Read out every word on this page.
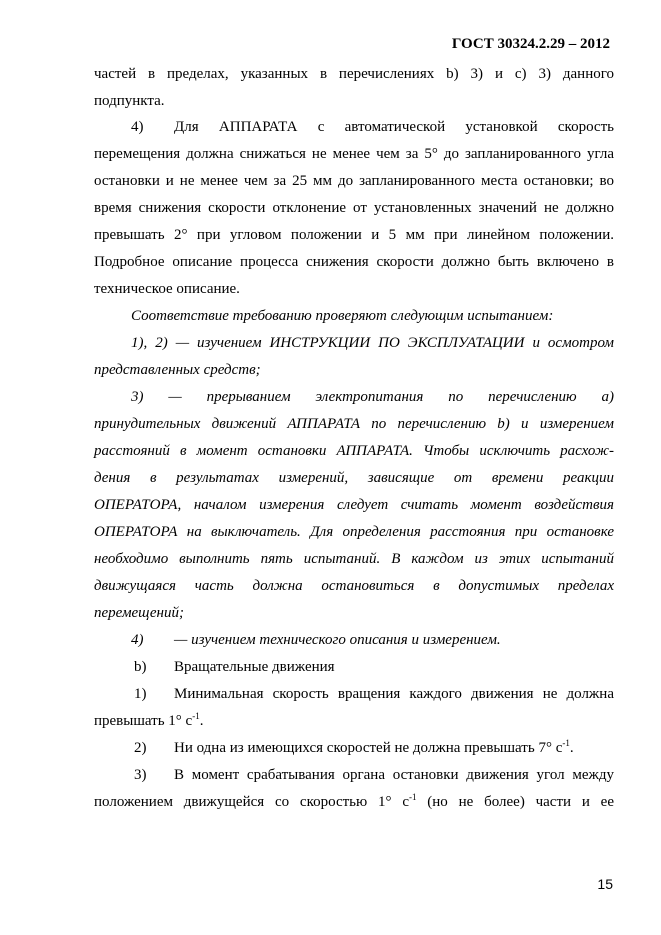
ГОСТ 30324.2.29 – 2012
частей в пределах, указанных в перечислениях b) 3) и c) 3) данного
подпункта.
4) Для АППАРАТА с автоматической установкой скорость
перемещения должна снижаться не менее чем за 5° до запланированного угла
остановки и не менее чем за 25 мм до запланированного места остановки; во
время снижения скорости отклонение от установленных значений не должно
превышать 2° при угловом положении и 5 мм при линейном положении.
Подробное описание процесса снижения скорости должно быть включено в
техническое описание.
Соответствие требованию проверяют следующим испытанием:
1), 2) — изучением ИНСТРУКЦИИ ПО ЭКСПЛУАТАЦИИ и осмотром
представленных средств;
3) — прерыванием электропитания по перечислению а)
принудительных движений АППАРАТА по перечислению b) и измерением
расстояний в момент остановки АППАРАТА. Чтобы исключить расхож-
дения в результатах измерений, зависящие от времени реакции
ОПЕРАТОРА, началом измерения следует считать момент воздействия
ОПЕРАТОРА на выключатель. Для определения расстояния при остановке
необходимо выполнить пять испытаний. В каждом из этих испытаний
движущаяся часть должна остановиться в допустимых пределах
перемещений;
4) — изучением технического описания и измерением.
b) Вращательные движения
1) Минимальная скорость вращения каждого движения не должна
превышать 1° $с^{-1}$.
2) Ни одна из имеющихся скоростей не должна превышать 7° $с^{-1}$.
3) В момент срабатывания органа остановки движения угол между
положением движущейся со скоростью 1° $с^{-1}$ (но не более) части и ее
15
